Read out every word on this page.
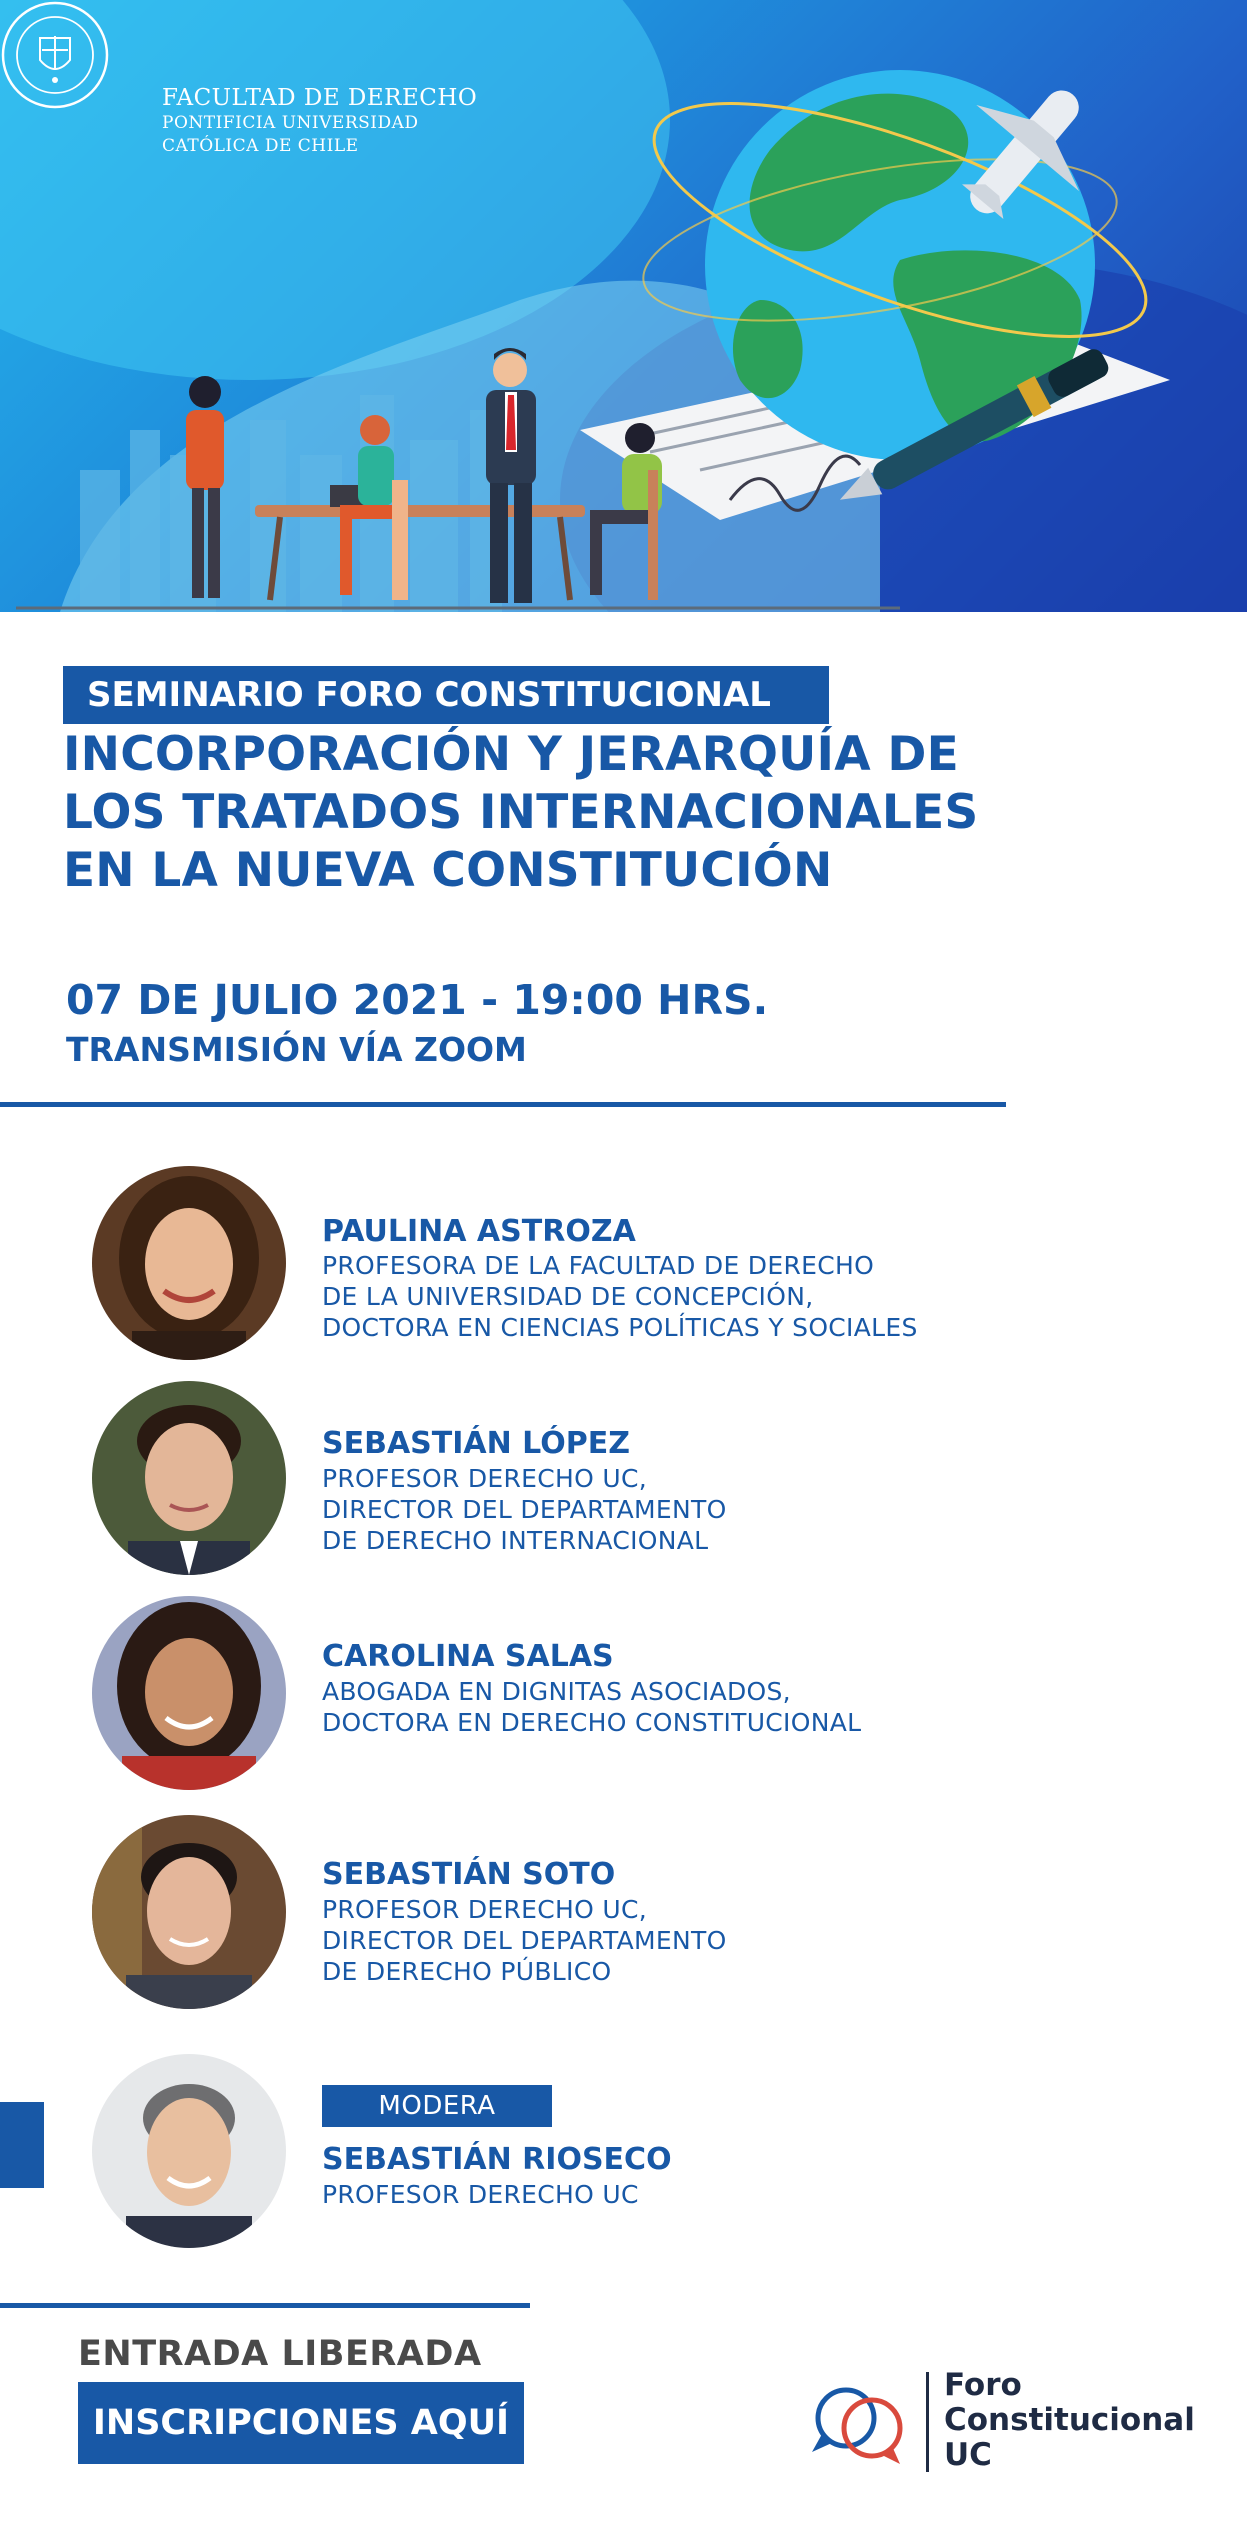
FACULTAD DE DERECHO
PONTIFICIA UNIVERSIDAD
CATÓLICA DE CHILE
SEMINARIO FORO CONSTITUCIONAL
INCORPORACIÓN Y JERARQUÍA DE
LOS TRATADOS INTERNACIONALES
EN LA NUEVA CONSTITUCIÓN
07 DE JULIO 2021 - 19:00 HRS.
TRANSMISIÓN VÍA ZOOM
PAULINA ASTROZA
PROFESORA DE LA FACULTAD DE DERECHO
DE LA UNIVERSIDAD DE CONCEPCIÓN,
DOCTORA EN CIENCIAS POLÍTICAS Y SOCIALES
SEBASTIÁN LÓPEZ
PROFESOR DERECHO UC,
DIRECTOR DEL DEPARTAMENTO
DE DERECHO INTERNACIONAL
CAROLINA SALAS
ABOGADA EN DIGNITAS ASOCIADOS,
DOCTORA EN DERECHO CONSTITUCIONAL
SEBASTIÁN SOTO
PROFESOR DERECHO UC,
DIRECTOR DEL DEPARTAMENTO
DE DERECHO PÚBLICO
MODERA
SEBASTIÁN RIOSECO
PROFESOR DERECHO UC
ENTRADA LIBERADA
INSCRIPCIONES AQUÍ
Foro
Constitucional
UC
